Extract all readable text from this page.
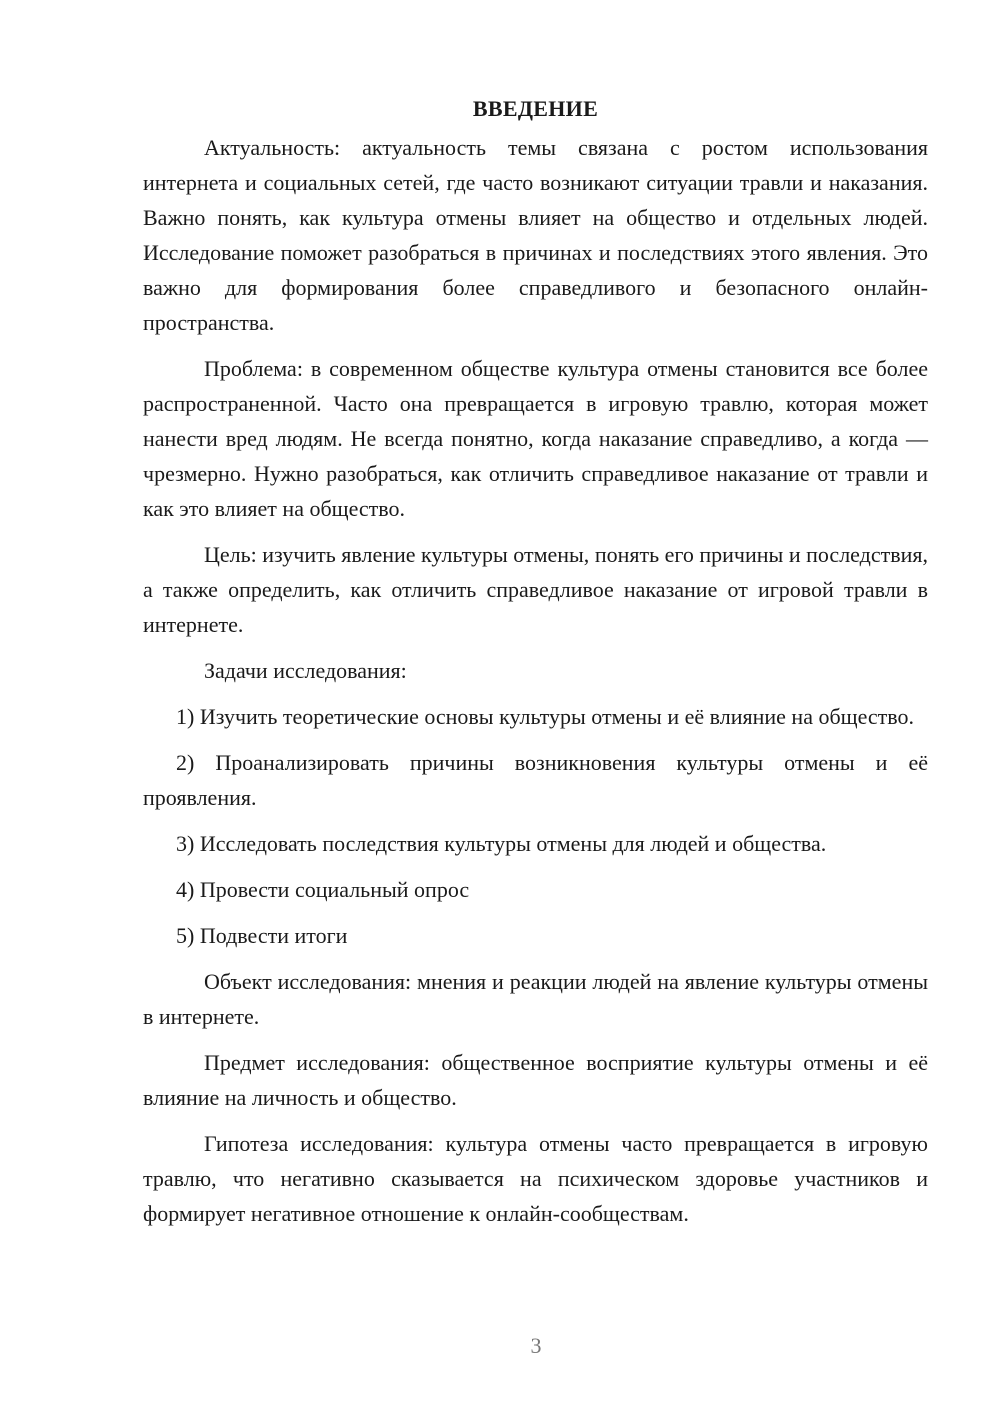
ВВЕДЕНИЕ

Актуальность: актуальность темы связана с ростом использования интернета и социальных сетей, где часто возникают ситуации травли и наказания. Важно понять, как культура отмены влияет на общество и отдельных людей. Исследование поможет разобраться в причинах и последствиях этого явления. Это важно для формирования более справедливого и безопасного онлайн-пространства.

Проблема: в современном обществе культура отмены становится все более распространенной. Часто она превращается в игровую травлю, которая может нанести вред людям. Не всегда понятно, когда наказание справедливо, а когда — чрезмерно. Нужно разобраться, как отличить справедливое наказание от травли и как это влияет на общество.

Цель: изучить явление культуры отмены, понять его причины и последствия, а также определить, как отличить справедливое наказание от игровой травли в интернете.

Задачи исследования:

1) Изучить теоретические основы культуры отмены и её влияние на общество.

2) Проанализировать причины возникновения культуры отмены и её проявления.

3) Исследовать последствия культуры отмены для людей и общества.

4) Провести социальный опрос

5) Подвести итоги

Объект исследования: мнения и реакции людей на явление культуры отмены в интернете.

Предмет исследования: общественное восприятие культуры отмены и её влияние на личность и общество.

Гипотеза исследования: культура отмены часто превращается в игровую травлю, что негативно сказывается на психическом здоровье участников и формирует негативное отношение к онлайн-сообществам.

3
